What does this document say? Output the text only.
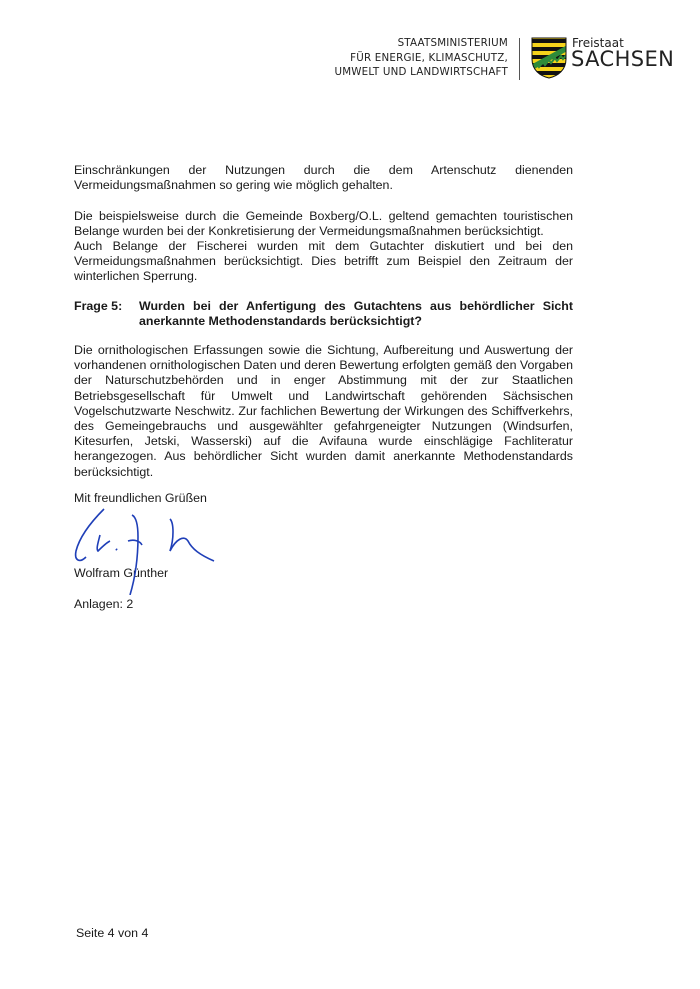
STAATSMINISTERIUM
FÜR ENERGIE, KLIMASCHUTZ,
UMWELT UND LANDWIRTSCHAFT
Freistaat
SACHSEN

Einschränkungen der Nutzungen durch die dem Artenschutz dienenden

Vermeidungsmaßnahmen so gering wie möglich gehalten.

Die beispielsweise durch die Gemeinde Boxberg/O.L. geltend gemachten touristischen Belange wurden bei der Konkretisierung der Vermeidungsmaßnahmen berücksichtigt.

Auch Belange der Fischerei wurden mit dem Gutachter diskutiert und bei den Vermeidungsmaßnahmen berücksichtigt. Dies betrifft zum Beispiel den Zeitraum der winterlichen Sperrung.

Frage 5: Wurden bei der Anfertigung des Gutachtens aus behördlicher Sicht anerkannte Methodenstandards berücksichtigt?

Die ornithologischen Erfassungen sowie die Sichtung, Aufbereitung und Auswertung der vorhandenen ornithologischen Daten und deren Bewertung erfolgten gemäß den Vorgaben der Naturschutzbehörden und in enger Abstimmung mit der zur Staatlichen Betriebsgesellschaft für Umwelt und Landwirtschaft gehörenden Sächsischen Vogelschutzwarte Neschwitz. Zur fachlichen Bewertung der Wirkungen des Schiffverkehrs, des Gemeingebrauchs und ausgewählter gefahrgeneigter Nutzungen (Windsurfen, Kitesurfen, Jetski, Wasserski) auf die Avifauna wurde einschlägige Fachliteratur herangezogen. Aus behördlicher Sicht wurden damit anerkannte Methodenstandards berücksichtigt.

Mit freundlichen Grüßen

Wolfram Günther

Anlagen: 2

Seite 4 von 4
